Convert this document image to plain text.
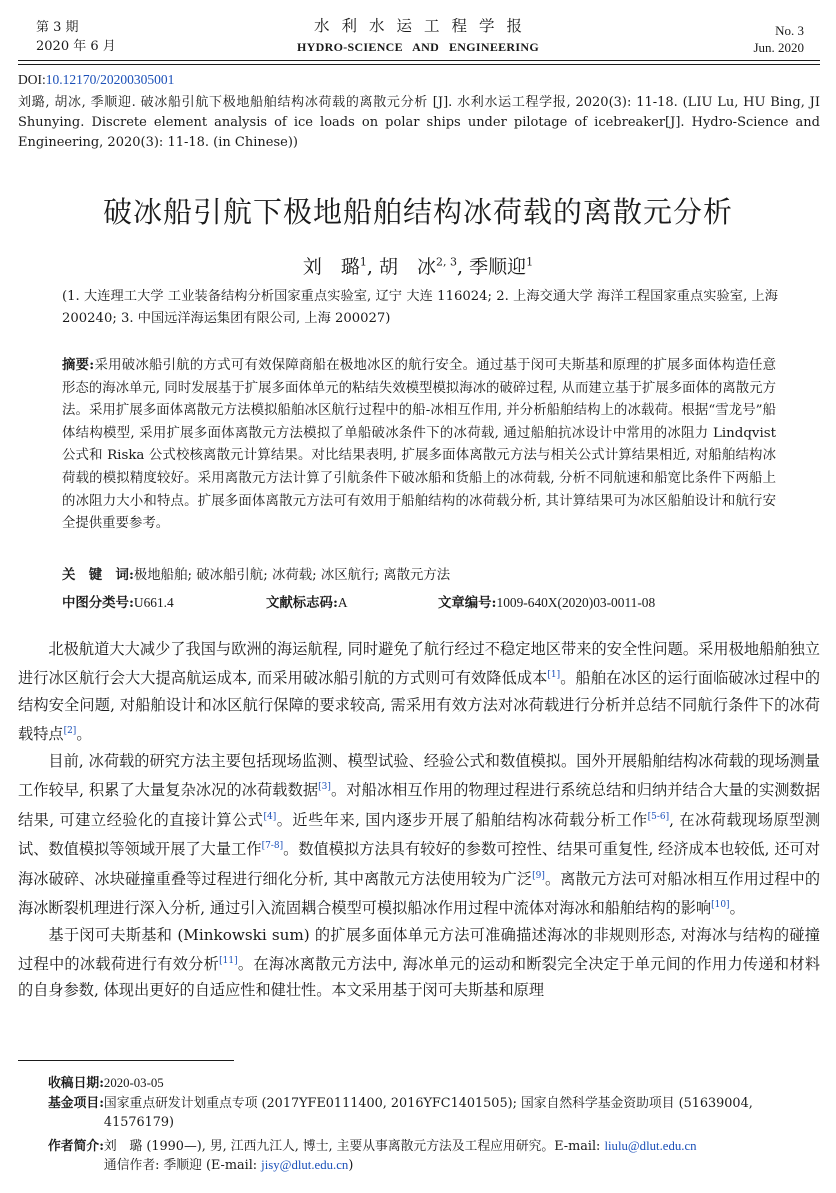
第 3 期
2020 年 6 月
水利水运工程学报
HYDRO-SCIENCE   AND   ENGINEERING
No. 3
Jun. 2020
DOI:10.12170/20200305001
刘璐, 胡冰, 季顺迎. 破冰船引航下极地船舶结构冰荷载的离散元分析 [J]. 水利水运工程学报, 2020(3): 11-18. (LIU Lu, HU Bing, JI Shunying. Discrete element analysis of ice loads on polar ships under pilotage of icebreaker[J]. Hydro-Science and Engineering, 2020(3): 11-18. (in Chinese))
破冰船引航下极地船舶结构冰荷载的离散元分析
刘　璐$^1$, 胡　冰$^{2, 3}$, 季顺迎$^1$
(1. 大连理工大学 工业装备结构分析国家重点实验室, 辽宁 大连 116024; 2. 上海交通大学 海洋工程国家重点实验室, 上海 200240; 3. 中国远洋海运集团有限公司, 上海 200027)
摘要:采用破冰船引航的方式可有效保障商船在极地冰区的航行安全。通过基于闵可夫斯基和原理的扩展多面体构造任意形态的海冰单元, 同时发展基于扩展多面体单元的粘结失效模型模拟海冰的破碎过程, 从而建立基于扩展多面体的离散元方法。采用扩展多面体离散元方法模拟船舶冰区航行过程中的船-冰相互作用, 并分析船舶结构上的冰载荷。根据“雪龙号”船体结构模型, 采用扩展多面体离散元方法模拟了单船破冰条件下的冰荷载, 通过船舶抗冰设计中常用的冰阻力 Lindqvist 公式和 Riska 公式校核离散元计算结果。对比结果表明, 扩展多面体离散元方法与相关公式计算结果相近, 对船舶结构冰荷载的模拟精度较好。采用离散元方法计算了引航条件下破冰船和货船上的冰荷载, 分析不同航速和船宽比条件下两船上的冰阻力大小和特点。扩展多面体离散元方法可有效用于船舶结构的冰荷载分析, 其计算结果可为冰区船舶设计和航行安全提供重要参考。
关　键　词:极地船舶; 破冰船引航; 冰荷载; 冰区航行; 离散元方法
中图分类号:U661.4	文献标志码:A	文章编号:1009-640X(2020)03-0011-08

北极航道大大减少了我国与欧洲的海运航程, 同时避免了航行经过不稳定地区带来的安全性问题。采用极地船舶独立进行冰区航行会大大提高航运成本, 而采用破冰船引航的方式则可有效降低成本[1]。船舶在冰区的运行面临破冰过程中的结构安全问题, 对船舶设计和冰区航行保障的要求较高, 需采用有效方法对冰荷载进行分析并总结不同航行条件下的冰荷载特点[2]。

目前, 冰荷载的研究方法主要包括现场监测、模型试验、经验公式和数值模拟。国外开展船舶结构冰荷载的现场测量工作较早, 积累了大量复杂冰况的冰荷载数据[3]。对船冰相互作用的物理过程进行系统总结和归纳并结合大量的实测数据结果, 可建立经验化的直接计算公式[4]。近些年来, 国内逐步开展了船舶结构冰荷载分析工作[5-6], 在冰荷载现场原型测试、数值模拟等领域开展了大量工作[7-8]。数值模拟方法具有较好的参数可控性、结果可重复性, 经济成本也较低, 还可对海冰破碎、冰块碰撞重叠等过程进行细化分析, 其中离散元方法使用较为广泛[9]。离散元方法可对船冰相互作用过程中的海冰断裂机理进行深入分析, 通过引入流固耦合模型可模拟船冰作用过程中流体对海冰和船舶结构的影响[10]。

基于闵可夫斯基和 (Minkowski sum) 的扩展多面体单元方法可准确描述海冰的非规则形态, 对海冰与结构的碰撞过程中的冰载荷进行有效分析[11]。在海冰离散元方法中, 海冰单元的运动和断裂完全决定于单元间的作用力传递和材料的自身参数, 体现出更好的自适应性和健壮性。本文采用基于闵可夫斯基和原理

收稿日期: 2020-03-05
基金项目: 国家重点研发计划重点专项 (2017YFE0111400, 2016YFC1401505); 国家自然科学基金资助项目 (51639004, 41576179)
作者简介: 刘　璐 (1990—), 男, 江西九江人, 博士, 主要从事离散元方法及工程应用研究。E-mail: liulu@dlut.edu.cn
通信作者: 季顺迎 (E-mail: jisy@dlut.edu.cn)
